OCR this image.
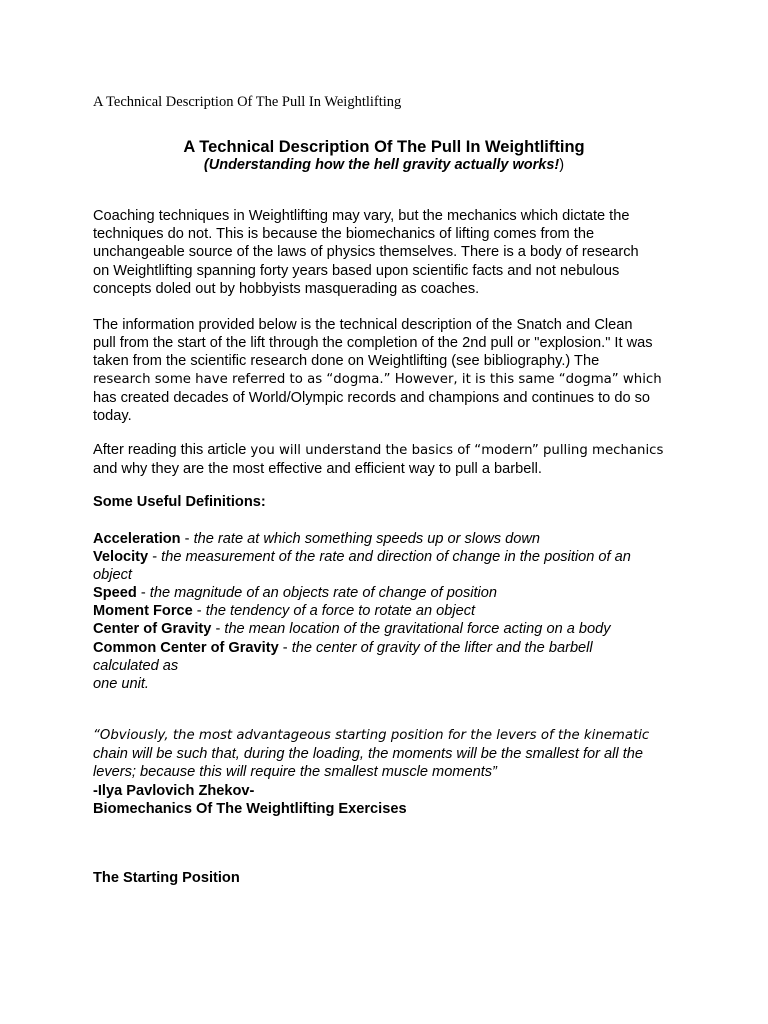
A Technical Description Of The Pull In Weightlifting

A Technical Description Of The Pull In Weightlifting

(Understanding how the hell gravity actually works!)

Coaching techniques in Weightlifting may vary, but the mechanics which dictate the
techniques do not. This is because the biomechanics of lifting comes from the
unchangeable source of the laws of physics themselves. There is a body of research
on Weightlifting spanning forty years based upon scientific facts and not nebulous
concepts doled out by hobbyists masquerading as coaches.
The information provided below is the technical description of the Snatch and Clean
pull from the start of the lift through the completion of the 2nd pull or "explosion." It was
taken from the scientific research done on Weightlifting (see bibliography.) The
research some have referred to as “dogma.” However, it is this same “dogma” which
has created decades of World/Olympic records and champions and continues to do so
today.
After reading this article you will understand the basics of “modern” pulling mechanics
and why they are the most effective and efficient way to pull a barbell.
Some Useful Definitions:
Acceleration - the rate at which something speeds up or slows down
Velocity - the measurement of the rate and direction of change in the position of an
object
Speed - the magnitude of an objects rate of change of position
Moment Force - the tendency of a force to rotate an object
Center of Gravity - the mean location of the gravitational force acting on a body
Common Center of Gravity - the center of gravity of the lifter and the barbell
calculated as
one unit.
“Obviously, the most advantageous starting position for the levers of the kinematic
chain will be such that, during the loading, the moments will be the smallest for all the
levers; because this will require the smallest muscle moments”
-Ilya Pavlovich Zhekov-
Biomechanics Of The Weightlifting Exercises
The Starting Position
